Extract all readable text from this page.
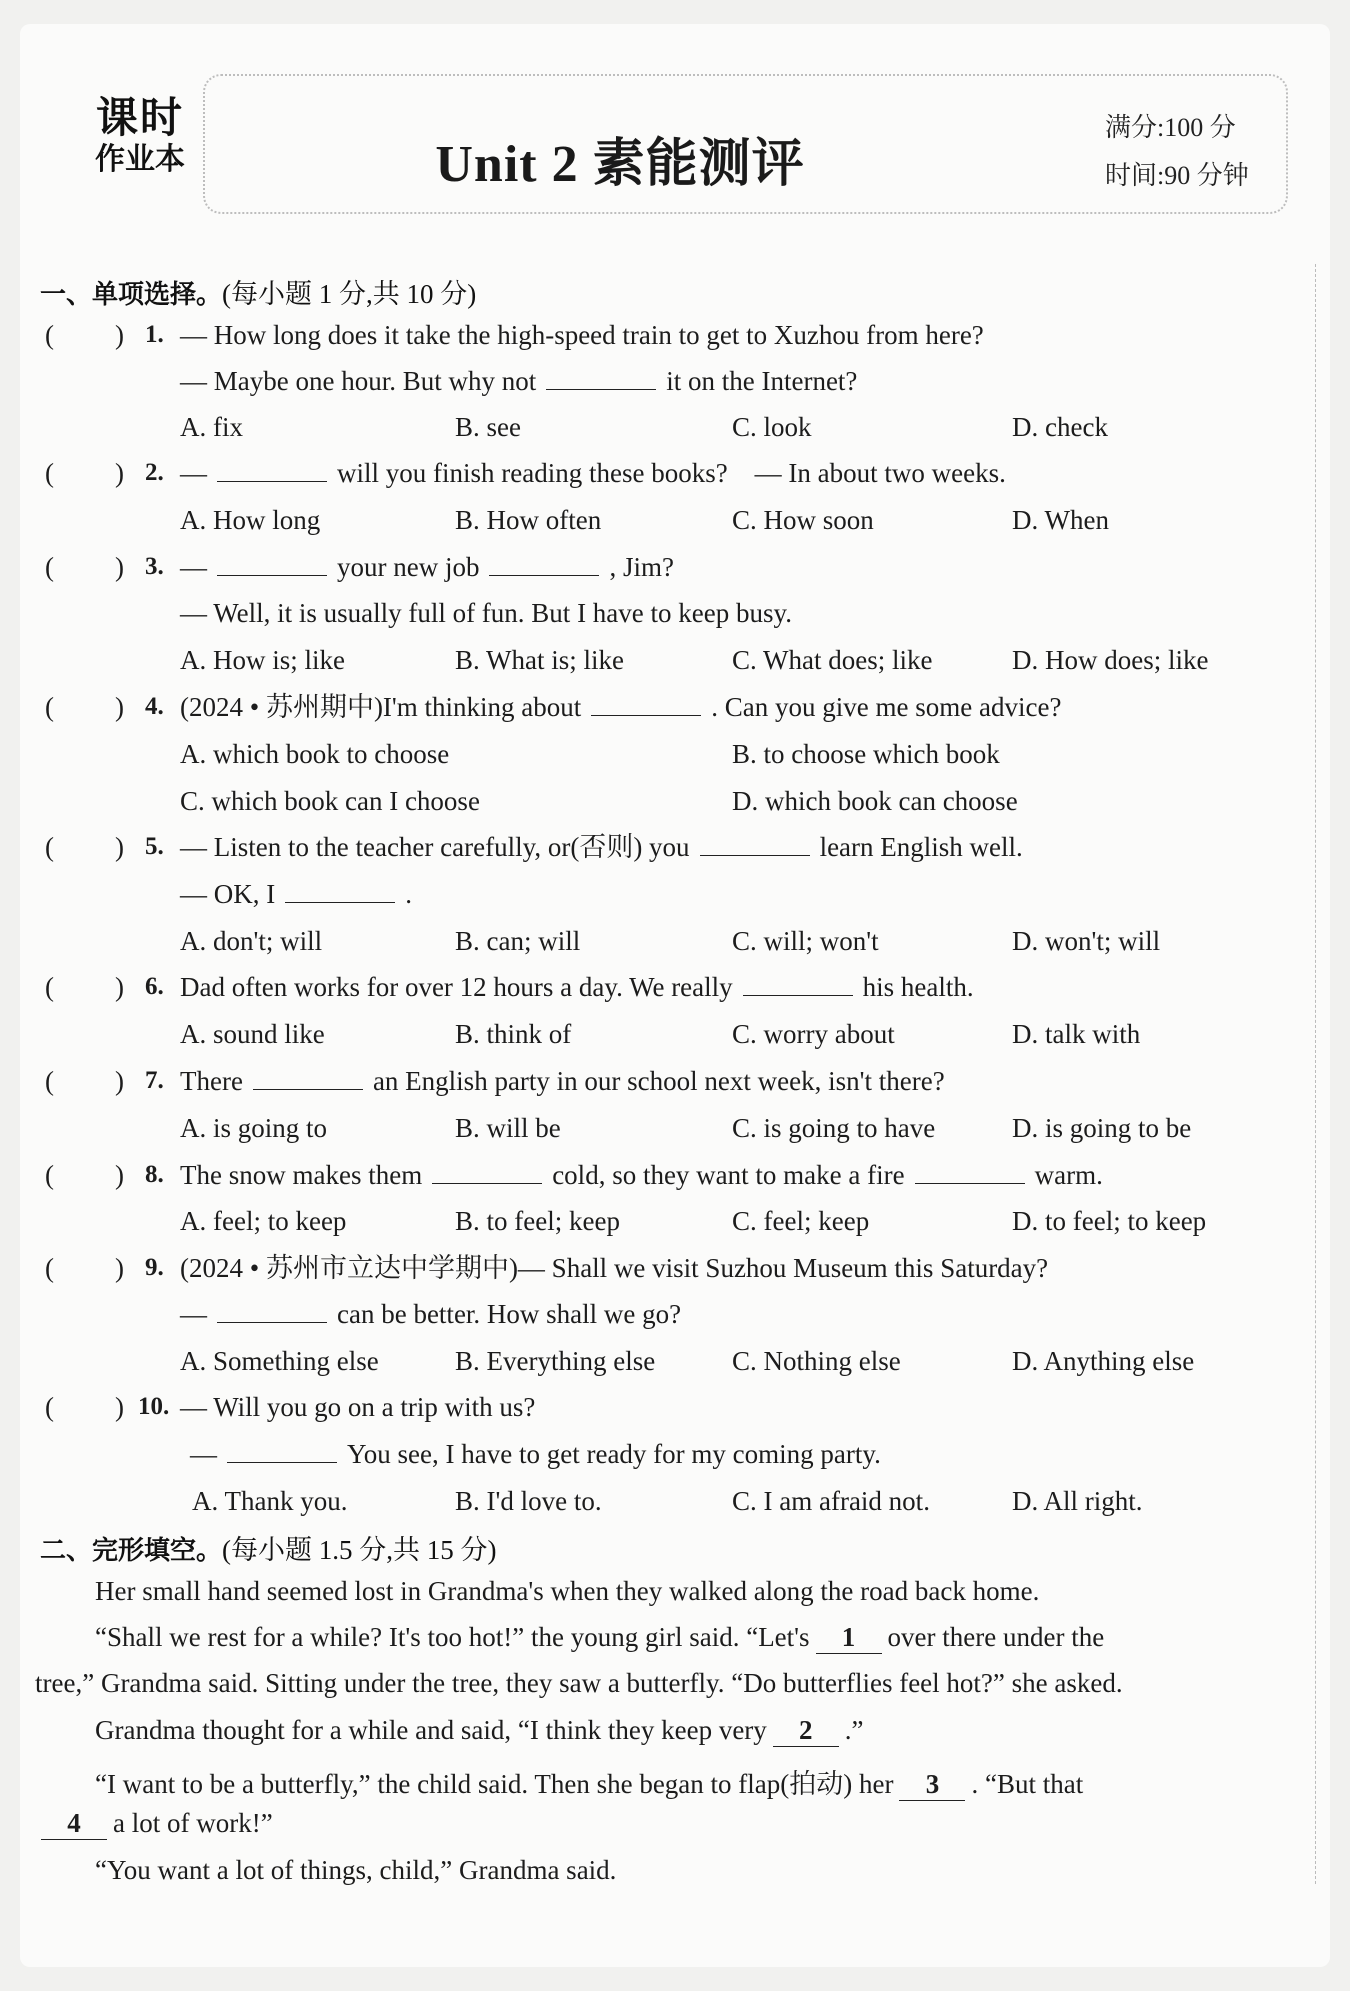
课时
作业本	Unit 2 素能测评
满分:100 分
时间:90 分钟
一、单项选择。(每小题 1 分,共 10 分)
( ) 1. — How long does it take the high-speed train to get to Xuzhou from here?
— Maybe one hour. But why not	it on the Internet?
A. fix	B. see	C. look	D. check
( ) 2. —	will you finish reading these books?　— In about two weeks.
A. How long	B. How often	C. How soon	D. When
( ) 3. —	your new job	, Jim?
— Well, it is usually full of fun. But I have to keep busy.
A. How is; like	B. What is; like	C. What does; like	D. How does; like
( ) 4. (2024 • 苏州期中)I'm thinking about	. Can you give me some advice?
A. which book to choose	B. to choose which book
C. which book can I choose	D. which book can choose
( ) 5. — Listen to the teacher carefully, or(否则) you	learn English well.
— OK, I	.
A. don't; will	B. can; will	C. will; won't	D. won't; will
( ) 6. Dad often works for over 12 hours a day. We really	his health.
A. sound like	B. think of	C. worry about	D. talk with
( ) 7. There	an English party in our school next week, isn't there?
A. is going to	B. will be	C. is going to have	D. is going to be
( ) 8. The snow makes them	cold, so they want to make a fire	warm.
A. feel; to keep	B. to feel; keep	C. feel; keep	D. to feel; to keep
( ) 9. (2024 • 苏州市立达中学期中)— Shall we visit Suzhou Museum this Saturday?
—	can be better. How shall we go?
A. Something else	B. Everything else	C. Nothing else	D. Anything else
( ) 10. — Will you go on a trip with us?
—	You see, I have to get ready for my coming party.
A. Thank you.	B. I'd love to.	C. I am afraid not.	D. All right.
二、完形填空。(每小题 1.5 分,共 15 分)
Her small hand seemed lost in Grandma's when they walked along the road back home.
“Shall we rest for a while? It's too hot!” the young girl said. “Let's 1 over there under the
tree,” Grandma said. Sitting under the tree, they saw a butterfly. “Do butterflies feel hot?” she asked.
Grandma thought for a while and said, “I think they keep very 2 .”
“I want to be a butterfly,” the child said. Then she began to flap(拍动) her 3 . “But that
4 a lot of work!”
“You want a lot of things, child,” Grandma said.
